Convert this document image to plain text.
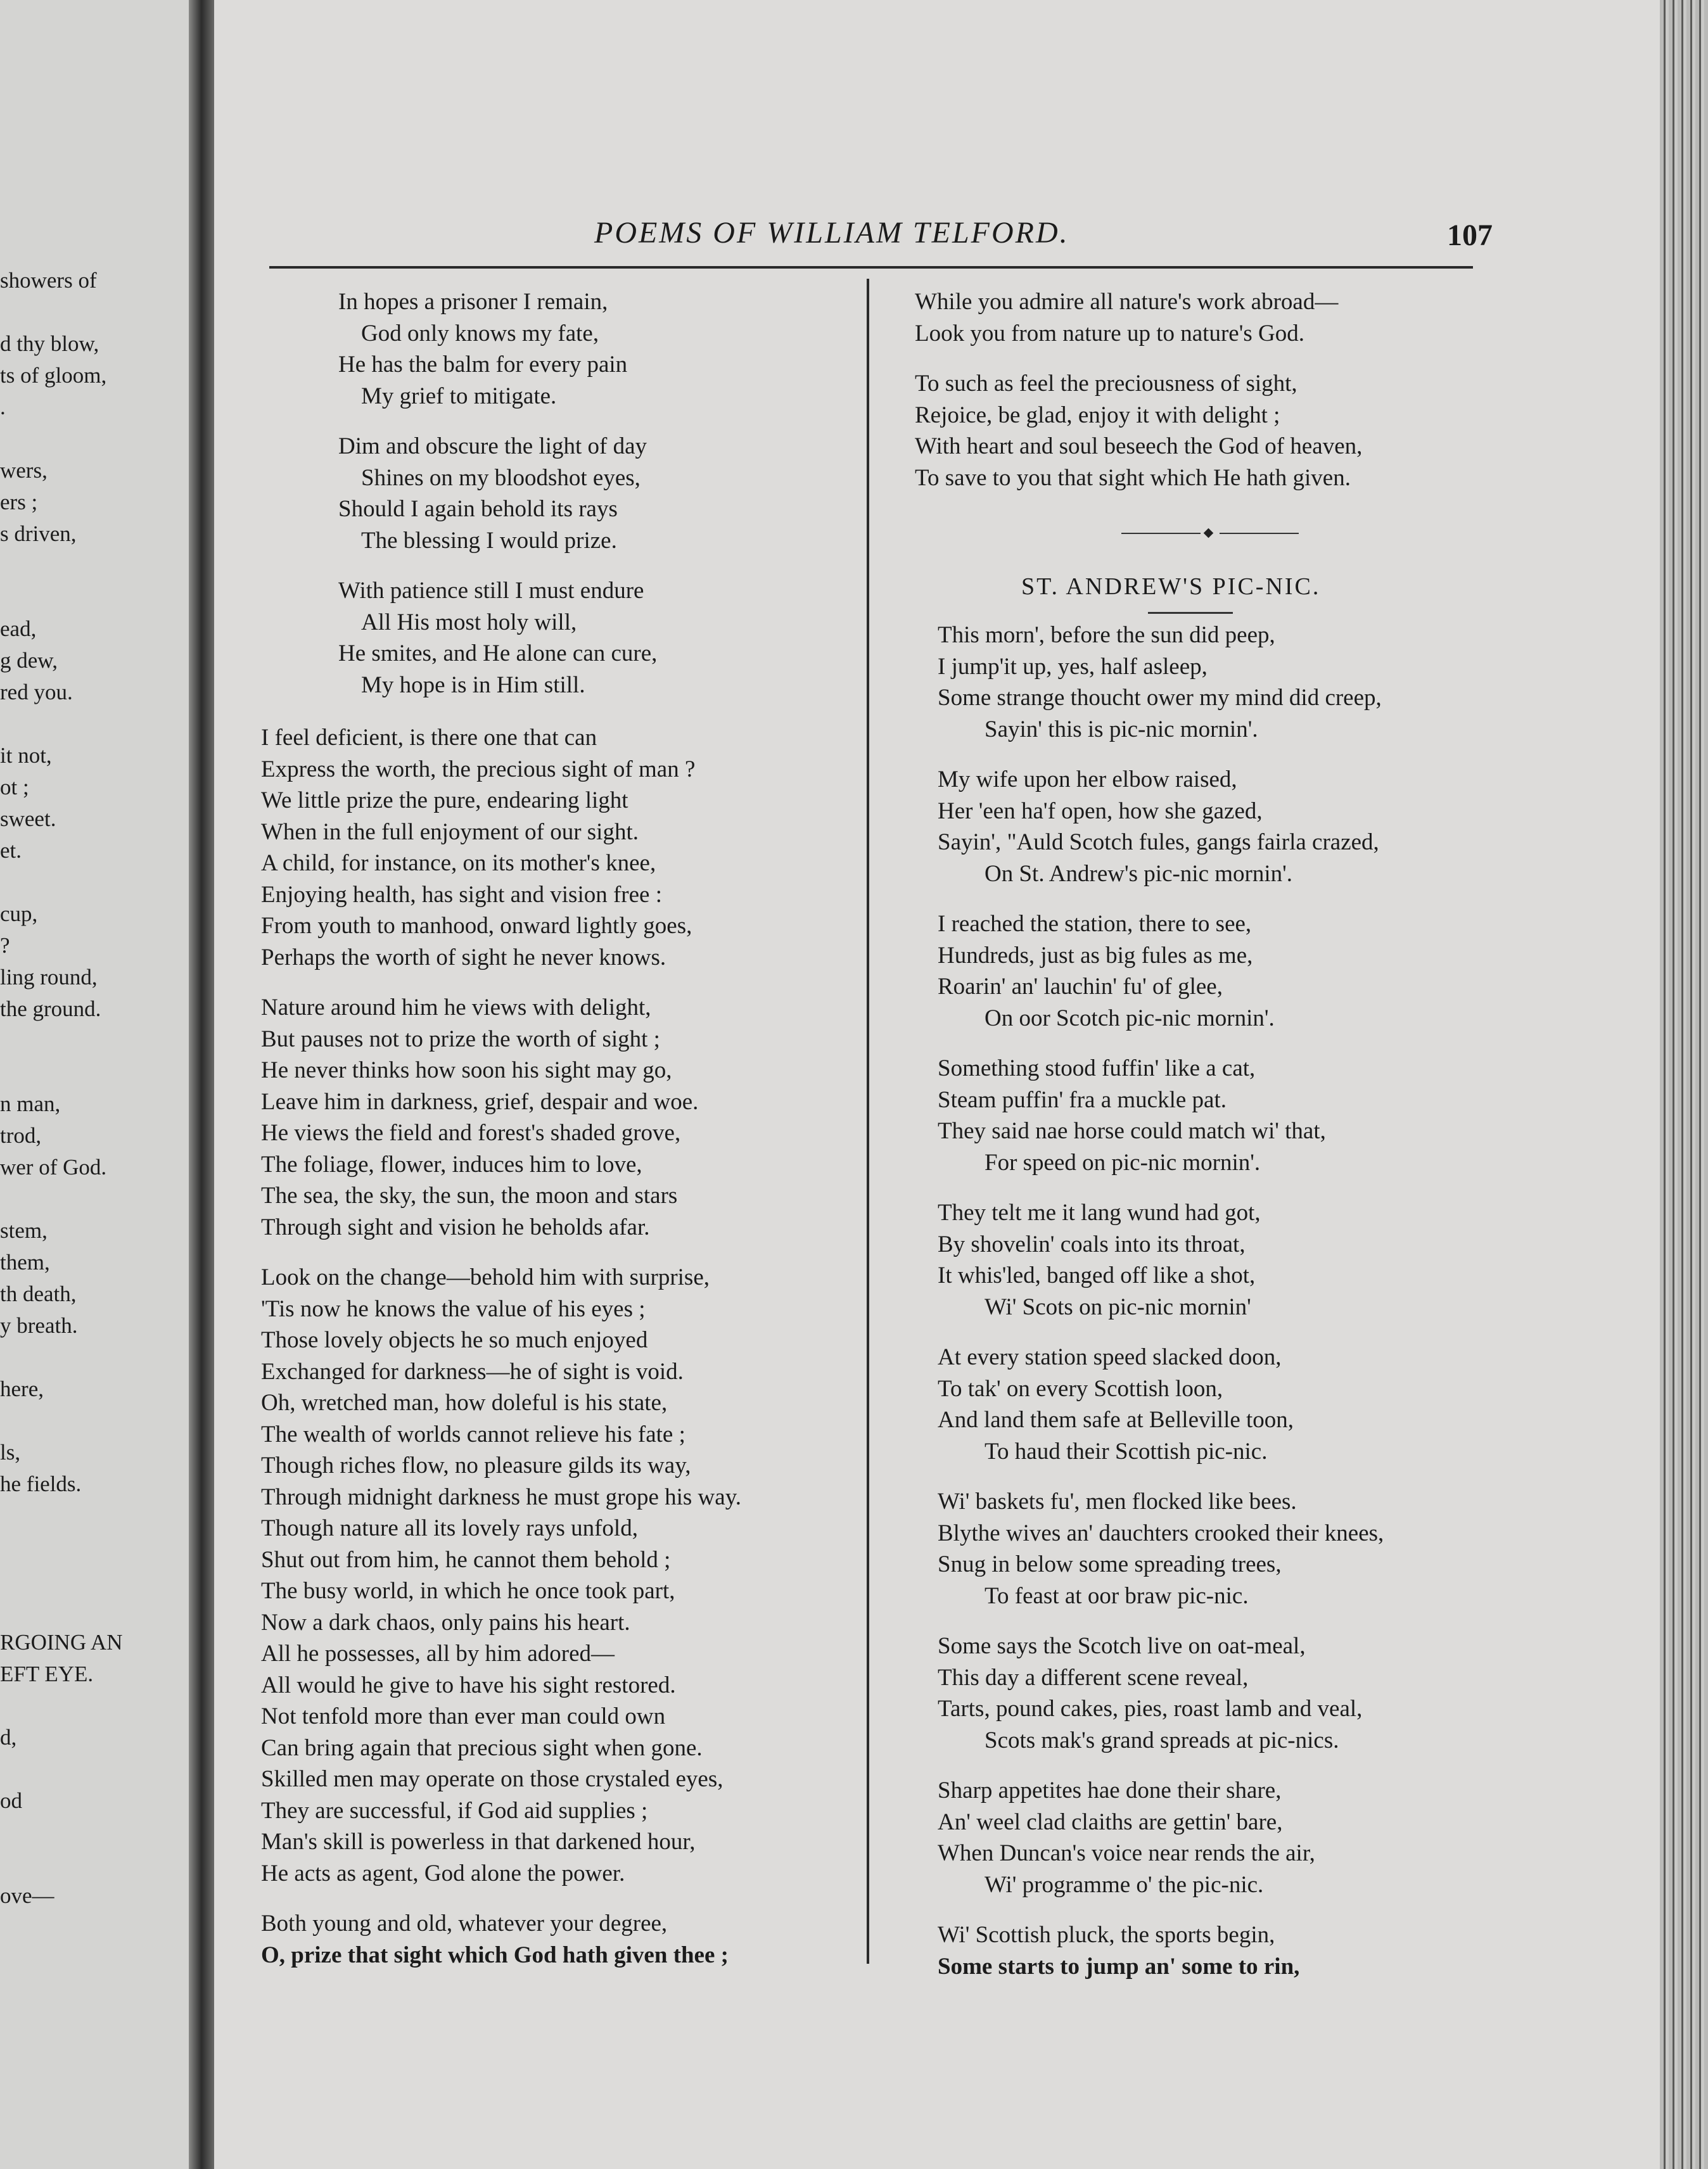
showers of

d thy blow,
ts of gloom,
.

wers,
ers ;
s driven,

ead,
g dew,
red you.

it not,
ot ;
sweet.
et.

cup,
?
ling round,
the ground.

n man,
trod,
wer of God.

stem,
them,
th death,
y breath.

here,

ls,
he fields.

RGOING AN
EFT EYE.

d,

od

ove—
POEMS OF WILLIAM TELFORD.	107
In hopes a prisoner I remain,
God only knows my fate,
He has the balm for every pain
My grief to mitigate.
Dim and obscure the light of day
Shines on my bloodshot eyes,
Should I again behold its rays
The blessing I would prize.
With patience still I must endure
All His most holy will,
He smites, and He alone can cure,
My hope is in Him still.
I feel deficient, is there one that can
Express the worth, the precious sight of man ?
We little prize the pure, endearing light
When in the full enjoyment of our sight.
A child, for instance, on its mother's knee,
Enjoying health, has sight and vision free :
From youth to manhood, onward lightly goes,
Perhaps the worth of sight he never knows.
Nature around him he views with delight,
But pauses not to prize the worth of sight ;
He never thinks how soon his sight may go,
Leave him in darkness, grief, despair and woe.
He views the field and forest's shaded grove,
The foliage, flower, induces him to love,
The sea, the sky, the sun, the moon and stars
Through sight and vision he beholds afar.
Look on the change—behold him with surprise,
'Tis now he knows the value of his eyes ;
Those lovely objects he so much enjoyed
Exchanged for darkness—he of sight is void.
Oh, wretched man, how doleful is his state,
The wealth of worlds cannot relieve his fate ;
Though riches flow, no pleasure gilds its way,
Through midnight darkness he must grope his way.
Though nature all its lovely rays unfold,
Shut out from him, he cannot them behold ;
The busy world, in which he once took part,
Now a dark chaos, only pains his heart.
All he possesses, all by him adored—
All would he give to have his sight restored.
Not tenfold more than ever man could own
Can bring again that precious sight when gone.
Skilled men may operate on those crystaled eyes,
They are successful, if God aid supplies ;
Man's skill is powerless in that darkened hour,
He acts as agent, God alone the power.
Both young and old, whatever your degree,
O, prize that sight which God hath given thee ;
While you admire all nature's work abroad—
Look you from nature up to nature's God.
To such as feel the preciousness of sight,
Rejoice, be glad, enjoy it with delight ;
With heart and soul beseech the God of heaven,
To save to you that sight which He hath given.
ST. ANDREW'S PIC-NIC.
This morn', before the sun did peep,
I jump'it up, yes, half asleep,
Some strange thoucht ower my mind did creep,
Sayin' this is pic-nic mornin'.
My wife upon her elbow raised,
Her 'een ha'f open, how she gazed,
Sayin', "Auld Scotch fules, gangs fairla crazed,
On St. Andrew's pic-nic mornin'.
I reached the station, there to see,
Hundreds, just as big fules as me,
Roarin' an' lauchin' fu' of glee,
On oor Scotch pic-nic mornin'.
Something stood fuffin' like a cat,
Steam puffin' fra a muckle pat.
They said nae horse could match wi' that,
For speed on pic-nic mornin'.
They telt me it lang wund had got,
By shovelin' coals into its throat,
It whis'led, banged off like a shot,
Wi' Scots on pic-nic mornin'
At every station speed slacked doon,
To tak' on every Scottish loon,
And land them safe at Belleville toon,
To haud their Scottish pic-nic.
Wi' baskets fu', men flocked like bees.
Blythe wives an' dauchters crooked their knees,
Snug in below some spreading trees,
To feast at oor braw pic-nic.
Some says the Scotch live on oat-meal,
This day a different scene reveal,
Tarts, pound cakes, pies, roast lamb and veal,
Scots mak's grand spreads at pic-nics.
Sharp appetites hae done their share,
An' weel clad claiths are gettin' bare,
When Duncan's voice near rends the air,
Wi' programme o' the pic-nic.
Wi' Scottish pluck, the sports begin,
Some starts to jump an' some to rin,
